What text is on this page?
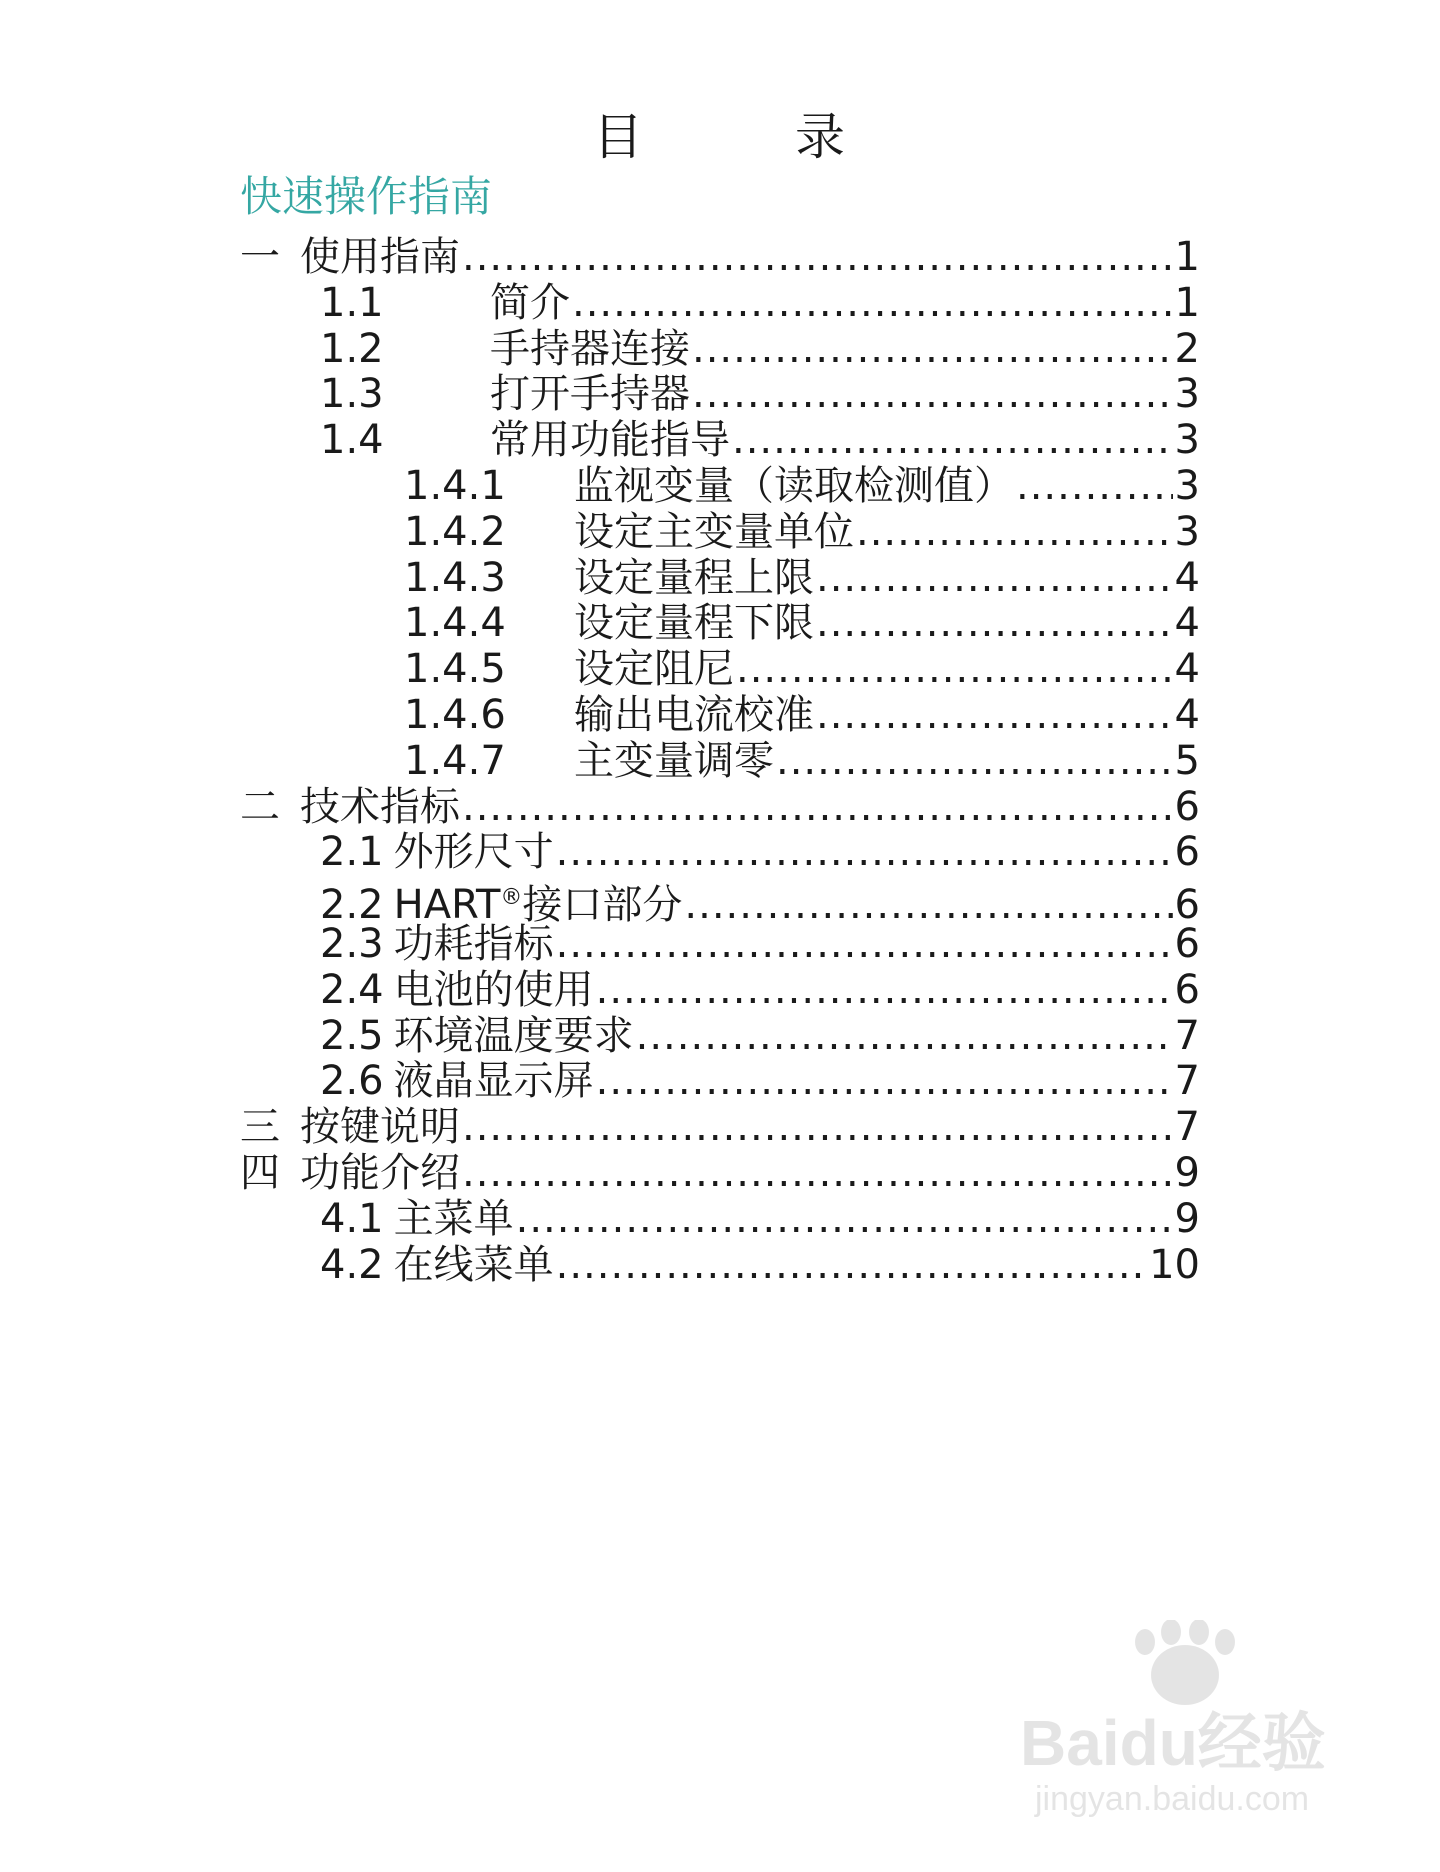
目	录
快速操作指南
一 使用指南 .....	1
1.1	简介 .....	1
1.2	手持器连接 .....	2
1.3	打开手持器 .....	3
1.4	常用功能指导 .....	3
1.4.1	监视变量（读取检测值） .....	3
1.4.2	设定主变量单位 .....	3
1.4.3	设定量程上限 .....	4
1.4.4	设定量程下限 .....	4
1.4.5	设定阻尼 .....	4
1.4.6	输出电流校准 .....	4
1.4.7	主变量调零 .....	5
二 技术指标 .....	6
2.1 外形尺寸 .....	6
2.2 HART®接口部分 .....	6
2.3 功耗指标 .....	6
2.4 电池的使用 .....	6
2.5 环境温度要求 .....	7
2.6 液晶显示屏 .....	7
三 按键说明 .....	7
四 功能介绍 .....	9
4.1 主菜单 .....	9
4.2 在线菜单 .....	10
Baidu经验
jingyan.baidu.com
